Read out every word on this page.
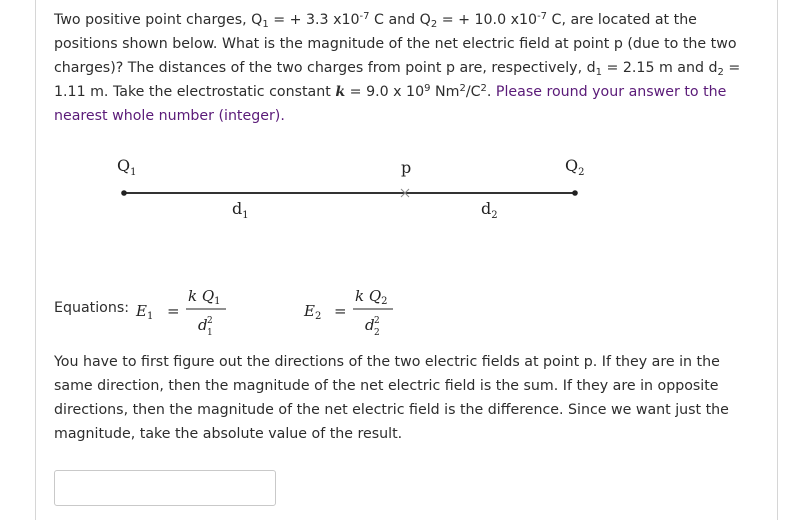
Two positive point charges, $Q_1$ = + 3.3 $x10^{-7}$ C and $Q_2$ = + 10.0 $x10^{-7}$ C, are located at the positions shown below. What is the magnitude of the net electric field at point p (due to the two charges)? The distances of the two charges from point p are, respectively, $d_1 = 2.15$ m and $d_2 = 1.11$ m. Take the electrostatic constant k = 9.0 x $10^9$ $Nm^2/C^2$. Please round your answer to the nearest whole number (integer).
$Q_1$	p	$Q_2$
$d_1$	$d_2$
$E_1$ =
k $Q_1$
d 2
1
$E_2$ =
k $Q_2$
d 2
2
Equations:
You have to first figure out the directions of the two electric fields at point p. If they are in the same direction, then the magnitude of the net electric field is the sum. If they are in opposite directions, then the magnitude of the net electric field is the difference. Since we want just the magnitude, take the absolute value of the result.
